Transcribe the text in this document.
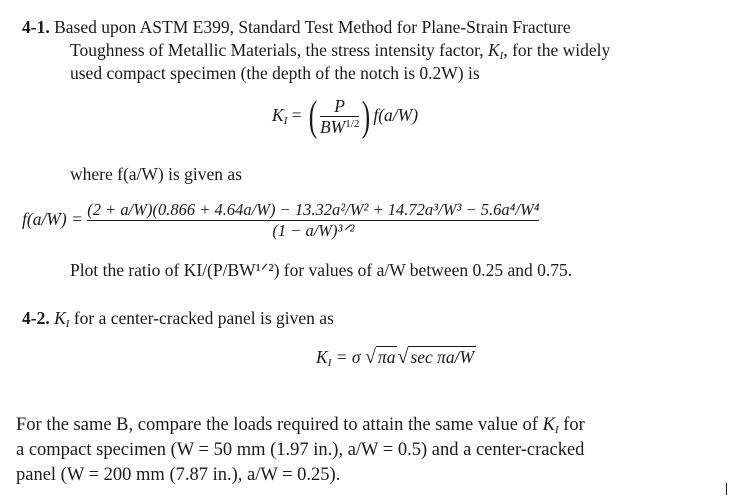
4-1. Based upon ASTM E399, Standard Test Method for Plane-Strain Fracture
Toughness of Metallic Materials, the stress intensity factor, $K_I$, for the widely
used compact specimen (the depth of the notch is 0.2W) is
$K_I$ = ( $\frac{P}{BW^{1/2}}$ ) f(a/W)
where f(a/W) is given as
f(a/W) = (2 + a/W)(0.866 + 4.64a/W) − 13.32a²/W² + 14.72a³/W³ − 5.6a⁴/W⁴
(1 − a/W)³ᐟ²
Plot the ratio of KI/(P/BW¹ᐟ²) for values of a/W between 0.25 and 0.75.
4-2. $K_I$ for a center-cracked panel is given as
$K_I = \sigma$ √ πa √ sec πa/W
For the same B, compare the loads required to attain the same value of $K_I$ for
a compact specimen (W = 50 mm (1.97 in.), a/W = 0.5) and a center-cracked
panel (W = 200 mm (7.87 in.), a/W = 0.25).
